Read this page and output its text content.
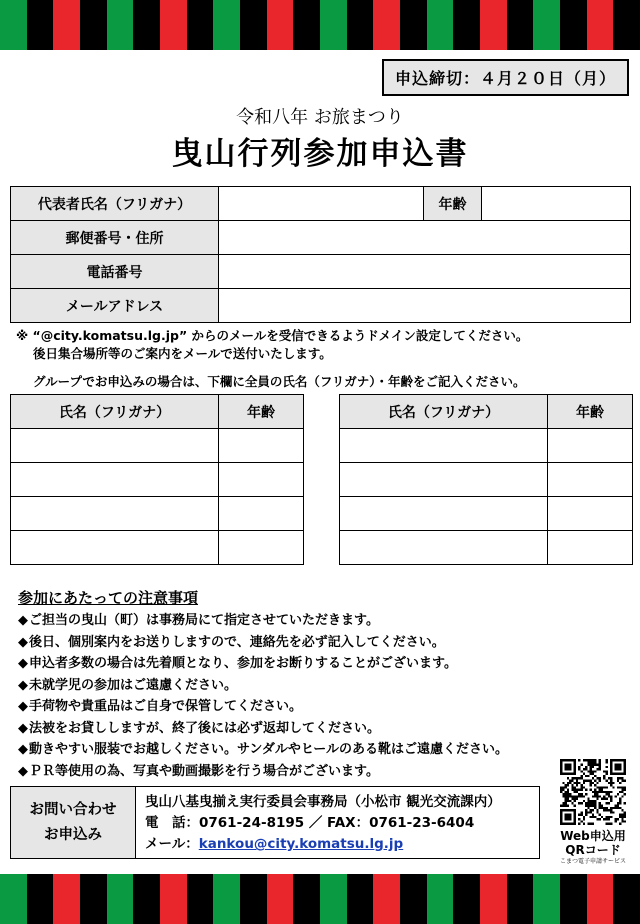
申込締切：４月２０日（月）
令和八年 お旅まつり
曳山行列参加申込書
代表者氏名（フリガナ）		年齢	
郵便番号・住所			
電話番号			
メールアドレス			
※ “@city.komatsu.lg.jp” からのメールを受信できるようドメイン設定してください。
後日集合場所等のご案内をメールで送付いたします。
グループでお申込みの場合は、下欄に全員の氏名（フリガナ）・年齢をご記入ください。
氏名（フリガナ）	年齢

		氏名（フリガナ）	年齢

参加にあたっての注意事項
◆ご担当の曳山（町）は事務局にて指定させていただきます。
◆後日、個別案内をお送りしますので、連絡先を必ず記入してください。
◆申込者多数の場合は先着順となり、参加をお断りすることがございます。
◆未就学児の参加はご遠慮ください。
◆手荷物や貴重品はご自身で保管してください。
◆法被をお貸ししますが、終了後には必ず返却してください。
◆動きやすい服装でお越しください。サンダルやヒールのある靴はご遠慮ください。
◆ＰＲ等使用の為、写真や動画撮影を行う場合がございます。
お問い合わせ
お申込み
曳山八基曳揃え実行委員会事務局（小松市 観光交流課内）
電　話：0761-24-8195 ／ FAX：0761-23-6404
メール：kankou@city.komatsu.lg.jp	Web申込用
QRコード
こまつ電子申請サービス
